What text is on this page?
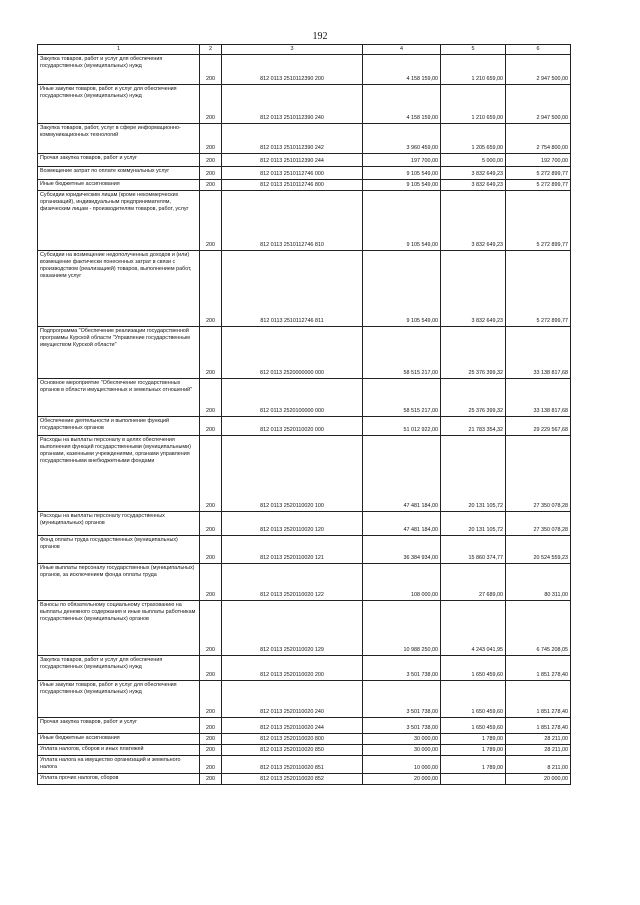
192
1	2	3	4	5	6
Закупка товаров, работ и услуг для обеспечения государственных (муниципальных) нужд	200	812 0113 2510112390 200	4 158 159,00	1 210 659,00	2 947 500,00
Иные закупки товаров, работ и услуг для обеспечения государственных (муниципальных) нужд	200	812 0113 2510112390 240	4 158 159,00	1 210 659,00	2 947 500,00
Закупка товаров, работ, услуг в сфере информационно-коммуникационных технологий	200	812 0113 2510112390 242	3 960 459,00	1 205 659,00	2 754 800,00
Прочая закупка товаров, работ и услуг	200	812 0113 2510112390 244	197 700,00	5 000,00	192 700,00
Возмещение затрат по оплате коммунальных услуг	200	812 0113 2510112746 000	9 105 549,00	3 832 649,23	5 272 899,77
Иные бюджетные ассигнования	200	812 0113 2510112746 800	9 105 549,00	3 832 649,23	5 272 899,77
Субсидии юридическим лицам (кроме некоммерческих организаций), индивидуальным предпринимателям, физическим лицам - производителям товаров, работ, услуг	200	812 0113 2510112746 810	9 105 549,00	3 832 649,23	5 272 899,77
Субсидии на возмещение недополученных доходов и (или) возмещение фактически понесенных затрат в связи с производством (реализацией) товаров, выполнением работ, оказанием услуг	200	812 0113 2510112746 811	9 105 549,00	3 832 649,23	5 272 899,77
Подпрограмма "Обеспечение реализации государственной программы Курской области "Управление государственным имуществом Курской области"	200	812 0113 2520000000 000	58 515 217,00	25 376 399,32	33 138 817,68
Основное мероприятие "Обеспечение государственных органов в области имущественных и земельных отношений"	200	812 0113 2520100000 000	58 515 217,00	25 376 399,32	33 138 817,68
Обеспечение деятельности и выполнение функций государственных органов	200	812 0113 2520110020 000	51 012 922,00	21 783 354,32	29 229 567,68
Расходы на выплаты персоналу в целях обеспечения выполнения функций государственными (муниципальными) органами, казенными учреждениями, органами управления государственными внебюджетными фондами	200	812 0113 2520110020 100	47 481 184,00	20 131 105,72	27 350 078,28
Расходы на выплаты персоналу государственных (муниципальных) органов	200	812 0113 2520110020 120	47 481 184,00	20 131 105,72	27 350 078,28
Фонд оплаты труда государственных (муниципальных) органов	200	812 0113 2520110020 121	36 384 934,00	15 860 374,77	20 524 559,23
Иные выплаты персоналу государственных (муниципальных) органов, за исключением фонда оплаты труда	200	812 0113 2520110020 122	108 000,00	27 689,00	80 311,00
Взносы по обязательному социальному страхованию на выплаты денежного содержания и иные выплаты работникам государственных (муниципальных) органов	200	812 0113 2520110020 129	10 988 250,00	4 243 041,95	6 745 208,05
Закупка товаров, работ и услуг для обеспечения государственных (муниципальных) нужд	200	812 0113 2520110020 200	3 501 738,00	1 650 459,60	1 851 278,40
Иные закупки товаров, работ и услуг для обеспечения государственных (муниципальных) нужд	200	812 0113 2520110020 240	3 501 738,00	1 650 459,60	1 851 278,40
Прочая закупка товаров, работ и услуг	200	812 0113 2520110020 244	3 501 738,00	1 650 459,60	1 851 278,40
Иные бюджетные ассигнования	200	812 0113 2520110020 800	30 000,00	1 789,00	28 211,00
Уплата налогов, сборов и иных платежей	200	812 0113 2520110020 850	30 000,00	1 789,00	28 211,00
Уплата налога на имущество организаций и земельного налога	200	812 0113 2520110020 851	10 000,00	1 789,00	8 211,00
Уплата прочих налогов, сборов	200	812 0113 2520110020 852	20 000,00		20 000,00
